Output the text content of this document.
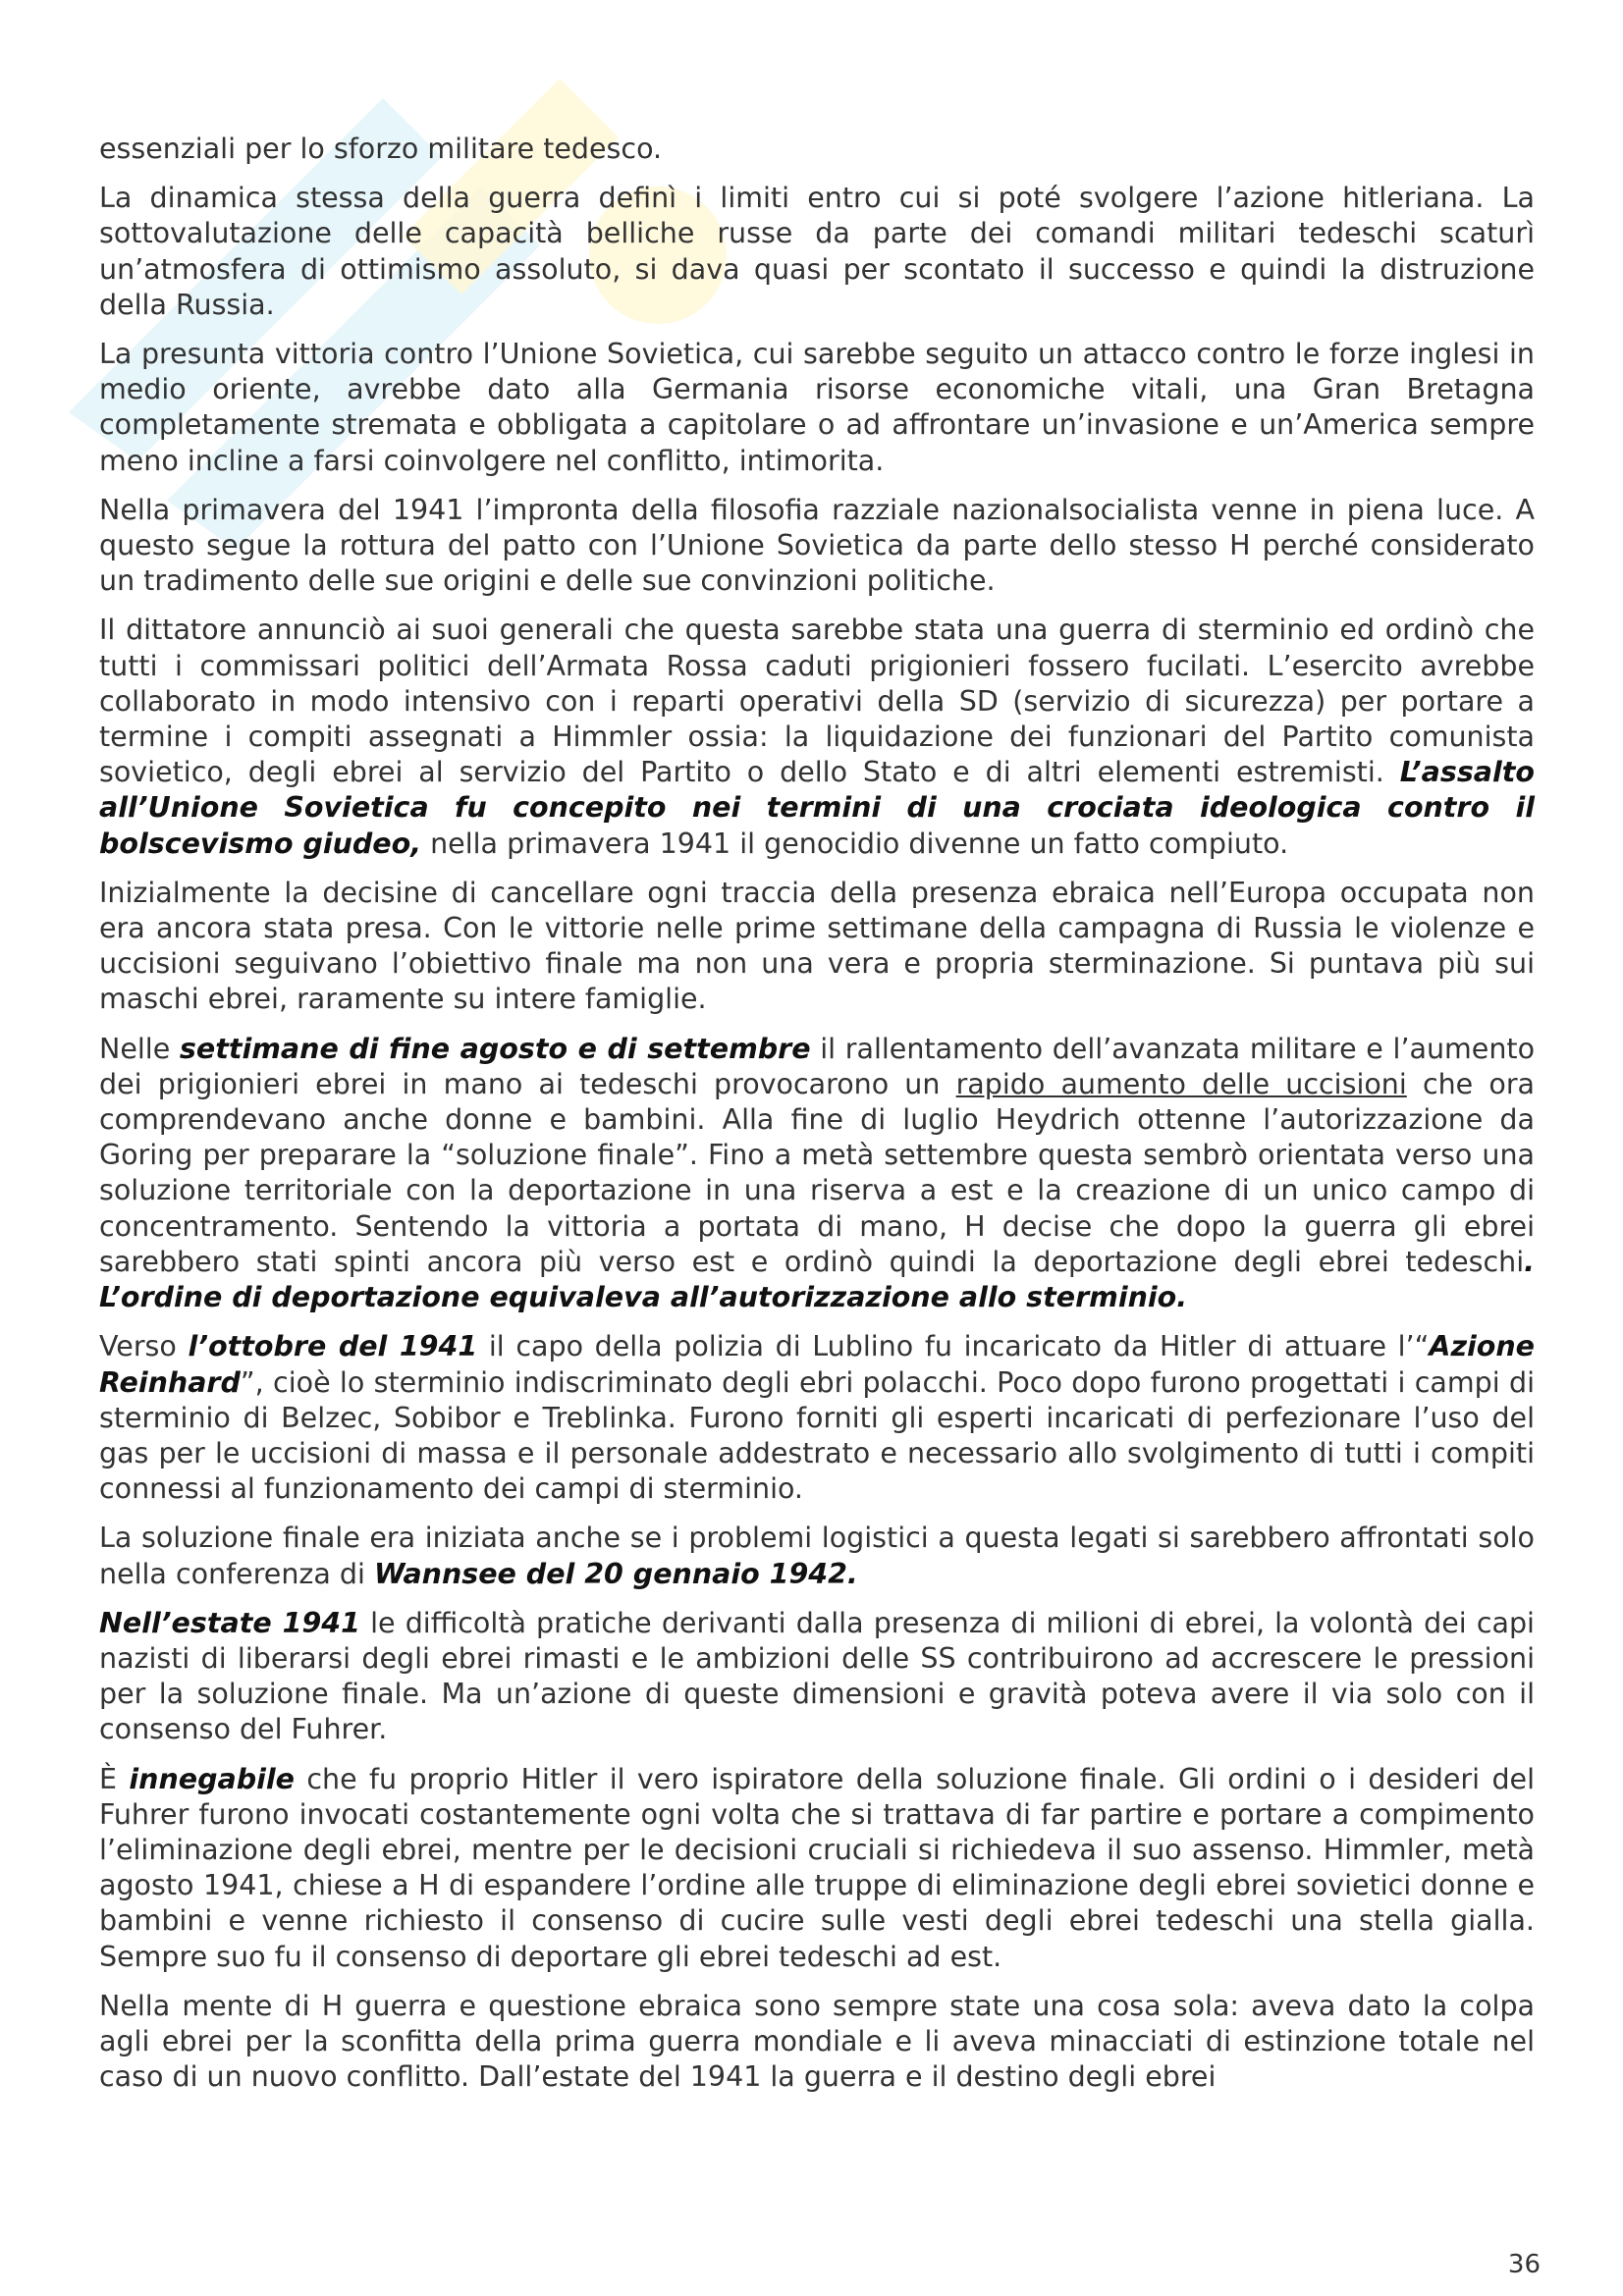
essenziali per lo sforzo militare tedesco.

La dinamica stessa della guerra definì i limiti entro cui si poté svolgere l’azione hitleriana. La sottovalutazione delle capacità belliche russe da parte dei comandi militari tedeschi scaturì un’atmosfera di ottimismo assoluto, si dava quasi per scontato il successo e quindi la distruzione della Russia.

La presunta vittoria contro l’Unione Sovietica, cui sarebbe seguito un attacco contro le forze inglesi in medio oriente, avrebbe dato alla Germania risorse economiche vitali, una Gran Bretagna completamente stremata e obbligata a capitolare o ad affrontare un’invasione e un’America sempre meno incline a farsi coinvolgere nel conflitto, intimorita.

Nella primavera del 1941 l’impronta della filosofia razziale nazionalsocialista venne in piena luce. A questo segue la rottura del patto con l’Unione Sovietica da parte dello stesso H perché considerato un tradimento delle sue origini e delle sue convinzioni politiche.

Il dittatore annunciò ai suoi generali che questa sarebbe stata una guerra di sterminio ed ordinò che tutti i commissari politici dell’Armata Rossa caduti prigionieri fossero fucilati. L’esercito avrebbe collaborato in modo intensivo con i reparti operativi della SD (servizio di sicurezza) per portare a termine i compiti assegnati a Himmler ossia: la liquidazione dei funzionari del Partito comunista sovietico, degli ebrei al servizio del Partito o dello Stato e di altri elementi estremisti. L’assalto all’Unione Sovietica fu concepito nei termini di una crociata ideologica contro il bolscevismo giudeo, nella primavera 1941 il genocidio divenne un fatto compiuto.

Inizialmente la decisine di cancellare ogni traccia della presenza ebraica nell’Europa occupata non era ancora stata presa. Con le vittorie nelle prime settimane della campagna di Russia le violenze e uccisioni seguivano l’obiettivo finale ma non una vera e propria sterminazione. Si puntava più sui maschi ebrei, raramente su intere famiglie.

Nelle settimane di fine agosto e di settembre il rallentamento dell’avanzata militare e l’aumento dei prigionieri ebrei in mano ai tedeschi provocarono un rapido aumento delle uccisioni che ora comprendevano anche donne e bambini. Alla fine di luglio Heydrich ottenne l’autorizzazione da Goring per preparare la “soluzione finale”. Fino a metà settembre questa sembrò orientata verso una soluzione territoriale con la deportazione in una riserva a est e la creazione di un unico campo di concentramento. Sentendo la vittoria a portata di mano, H decise che dopo la guerra gli ebrei sarebbero stati spinti ancora più verso est e ordinò quindi la deportazione degli ebrei tedeschi. L’ordine di deportazione equivaleva all’autorizzazione allo sterminio.

Verso l’ottobre del 1941 il capo della polizia di Lublino fu incaricato da Hitler di attuare l’“Azione Reinhard”, cioè lo sterminio indiscriminato degli ebri polacchi. Poco dopo furono progettati i campi di sterminio di Belzec, Sobibor e Treblinka. Furono forniti gli esperti incaricati di perfezionare l’uso del gas per le uccisioni di massa e il personale addestrato e necessario allo svolgimento di tutti i compiti connessi al funzionamento dei campi di sterminio.

La soluzione finale era iniziata anche se i problemi logistici a questa legati si sarebbero affrontati solo nella conferenza di Wannsee del 20 gennaio 1942.

Nell’estate 1941 le difficoltà pratiche derivanti dalla presenza di milioni di ebrei, la volontà dei capi nazisti di liberarsi degli ebrei rimasti e le ambizioni delle SS contribuirono ad accrescere le pressioni per la soluzione finale. Ma un’azione di queste dimensioni e gravità poteva avere il via solo con il consenso del Fuhrer.

È innegabile che fu proprio Hitler il vero ispiratore della soluzione finale. Gli ordini o i desideri del Fuhrer furono invocati costantemente ogni volta che si trattava di far partire e portare a compimento l’eliminazione degli ebrei, mentre per le decisioni cruciali si richiedeva il suo assenso. Himmler, metà agosto 1941, chiese a H di espandere l’ordine alle truppe di eliminazione degli ebrei sovietici donne e bambini e venne richiesto il consenso di cucire sulle vesti degli ebrei tedeschi una stella gialla. Sempre suo fu il consenso di deportare gli ebrei tedeschi ad est.

Nella mente di H guerra e questione ebraica sono sempre state una cosa sola: aveva dato la colpa agli ebrei per la sconfitta della prima guerra mondiale e li aveva minacciati di estinzione totale nel caso di un nuovo conflitto. Dall’estate del 1941 la guerra e il destino degli ebrei

36
